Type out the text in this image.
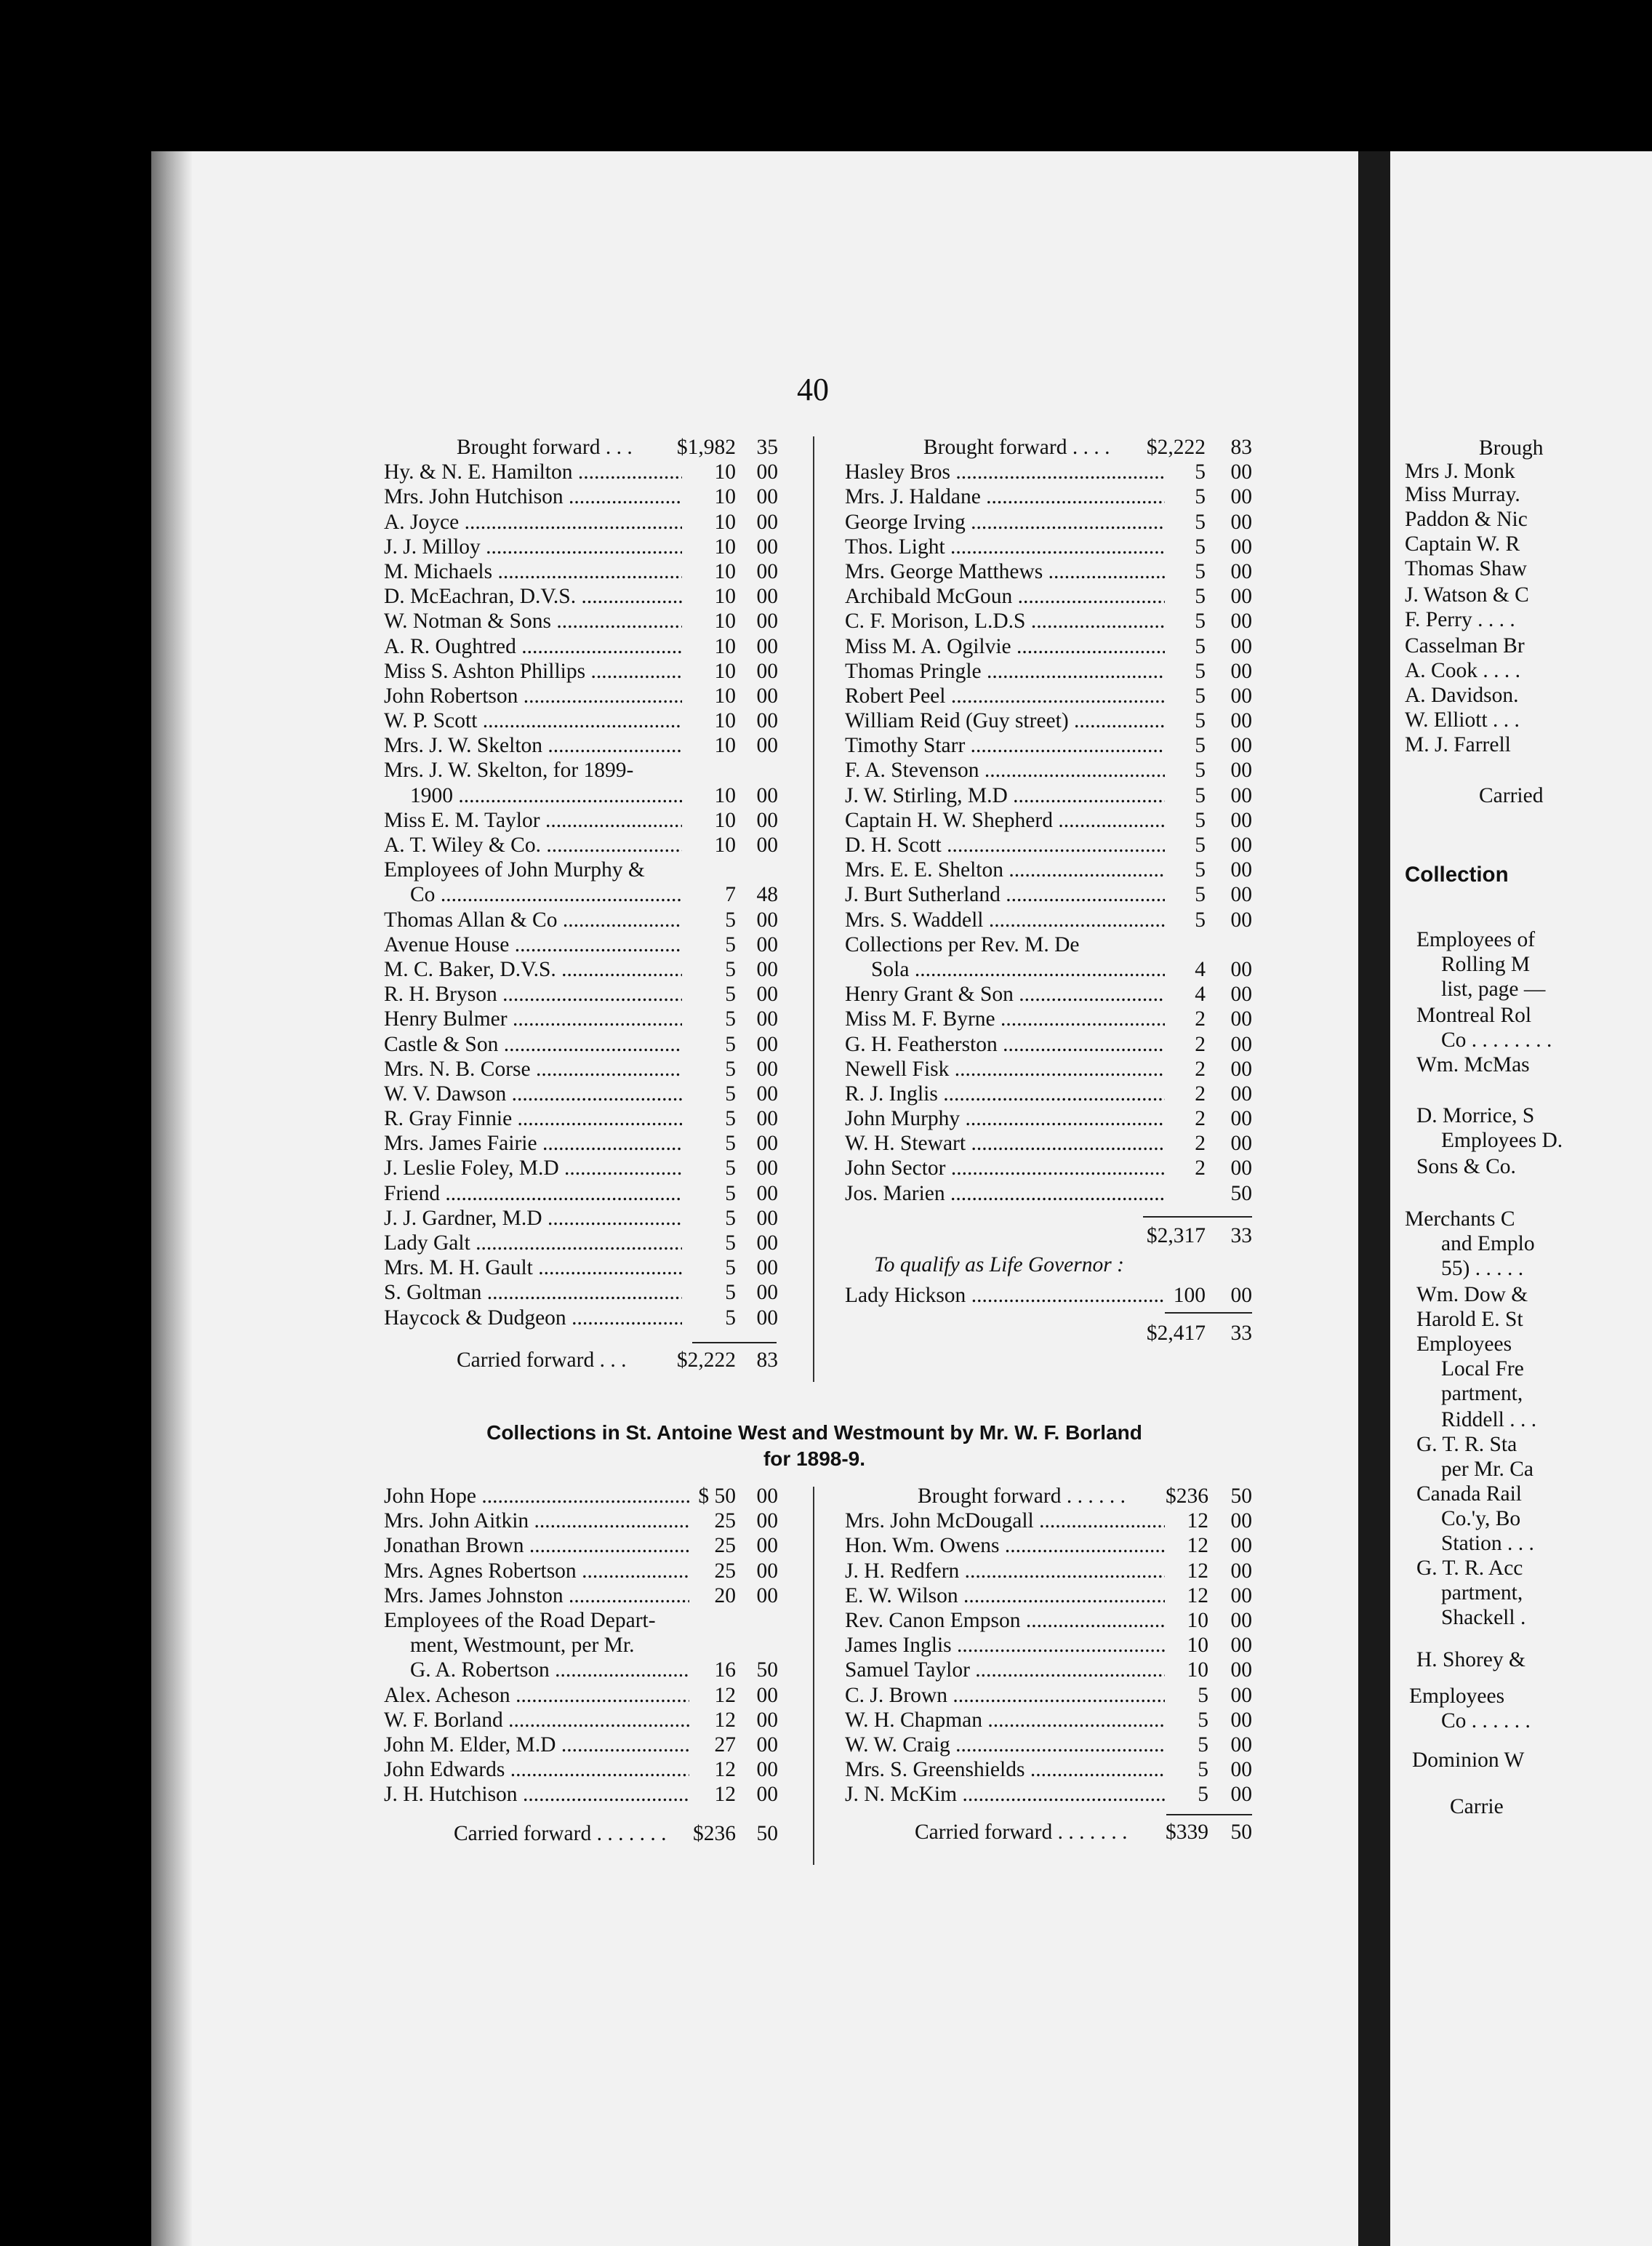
Brough
Mrs J. Monk
Miss Murray.
Paddon & Nic
Captain W. R
Thomas Shaw
J. Watson & C
F. Perry . . . .
Casselman Br
A. Cook . . . .
A. Davidson.
W. Elliott . . .
M. J. Farrell
Carried
Collection
Employees of
Rolling M
list, page —
Montreal Rol
Co . . . . . . . .
Wm. McMas
D. Morrice, S
Employees D.
Sons & Co.
Merchants C
and Emplo
55) . . . . .
Wm. Dow &
Harold E. St
Employees
Local Fre
partment,
Riddell . . .
G. T. R. Sta
per Mr. Ca
Canada Rail
Co.'y, Bo
Station . . .
G. T. R. Acc
partment,
Shackell .
H. Shorey &
Employees
Co . . . . . .
Dominion W
Carrie
40
Brought forward . . .	$1,982 35
Hy. & N. E. Hamilton .....	10 00
Mrs. John Hutchison .....	10 00
A. Joyce .....	10 00
J. J. Milloy .....	10 00
M. Michaels .....	10 00
D. McEachran, D.V.S. .....	10 00
W. Notman & Sons .....	10 00
A. R. Oughtred .....	10 00
Miss S. Ashton Phillips .....	10 00
John Robertson .....	10 00
W. P. Scott .....	10 00
Mrs. J. W. Skelton .....	10 00
Mrs. J. W. Skelton, for 1899-
1900 .....	10 00
Miss E. M. Taylor .....	10 00
A. T. Wiley & Co. .....	10 00
Employees of John Murphy &
Co .....	7 48
Thomas Allan & Co .....	5 00
Avenue House .....	5 00
M. C. Baker, D.V.S. .....	5 00
R. H. Bryson .....	5 00
Henry Bulmer .....	5 00
Castle & Son .....	5 00
Mrs. N. B. Corse .....	5 00
W. V. Dawson .....	5 00
R. Gray Finnie .....	5 00
Mrs. James Fairie .....	5 00
J. Leslie Foley, M.D .....	5 00
Friend .....	5 00
J. J. Gardner, M.D .....	5 00
Lady Galt .....	5 00
Mrs. M. H. Gault .....	5 00
S. Goltman .....	5 00
Haycock & Dudgeon .....	5 00
Carried forward . . .	$2,222 83
Brought forward . . . .	$2,222 83
Hasley Bros .....	5 00
Mrs. J. Haldane .....	5 00
George Irving .....	5 00
Thos. Light .....	5 00
Mrs. George Matthews .....	5 00
Archibald McGoun .....	5 00
C. F. Morison, L.D.S .....	5 00
Miss M. A. Ogilvie .....	5 00
Thomas Pringle .....	5 00
Robert Peel .....	5 00
William Reid (Guy street) .....	5 00
Timothy Starr .....	5 00
F. A. Stevenson .....	5 00
J. W. Stirling, M.D .....	5 00
Captain H. W. Shepherd .....	5 00
D. H. Scott .....	5 00
Mrs. E. E. Shelton .....	5 00
J. Burt Sutherland .....	5 00
Mrs. S. Waddell .....	5 00
Collections per Rev. M. De
Sola .....	4 00
Henry Grant & Son .....	4 00
Miss M. F. Byrne .....	2 00
G. H. Featherston .....	2 00
Newell Fisk .....	2 00
R. J. Inglis .....	2 00
John Murphy .....	2 00
W. H. Stewart .....	2 00
John Sector .....	2 00
Jos. Marien .....	50
$2,317 33
To qualify as Life Governor :
Lady Hickson .....	100 00
$2,417 33
Collections in St. Antoine West and Westmount by Mr. W. F. Borland
for 1898-9.
John Hope .....	$ 50 00
Mrs. John Aitkin .....	25 00
Jonathan Brown .....	25 00
Mrs. Agnes Robertson .....	25 00
Mrs. James Johnston .....	20 00
Employees of the Road Depart-
ment, Westmount, per Mr.
G. A. Robertson .....	16 50
Alex. Acheson .....	12 00
W. F. Borland .....	12 00
John M. Elder, M.D .....	27 00
John Edwards .....	12 00
J. H. Hutchison .....	12 00
Carried forward . . . . . . .	$236 50
Brought forward . . . . . .	$236 50
Mrs. John McDougall .....	12 00
Hon. Wm. Owens .....	12 00
J. H. Redfern .....	12 00
E. W. Wilson .....	12 00
Rev. Canon Empson .....	10 00
James Inglis .....	10 00
Samuel Taylor .....	10 00
C. J. Brown .....	5 00
W. H. Chapman .....	5 00
W. W. Craig .....	5 00
Mrs. S. Greenshields .....	5 00
J. N. McKim .....	5 00
Carried forward . . . . . . .	$339 50
